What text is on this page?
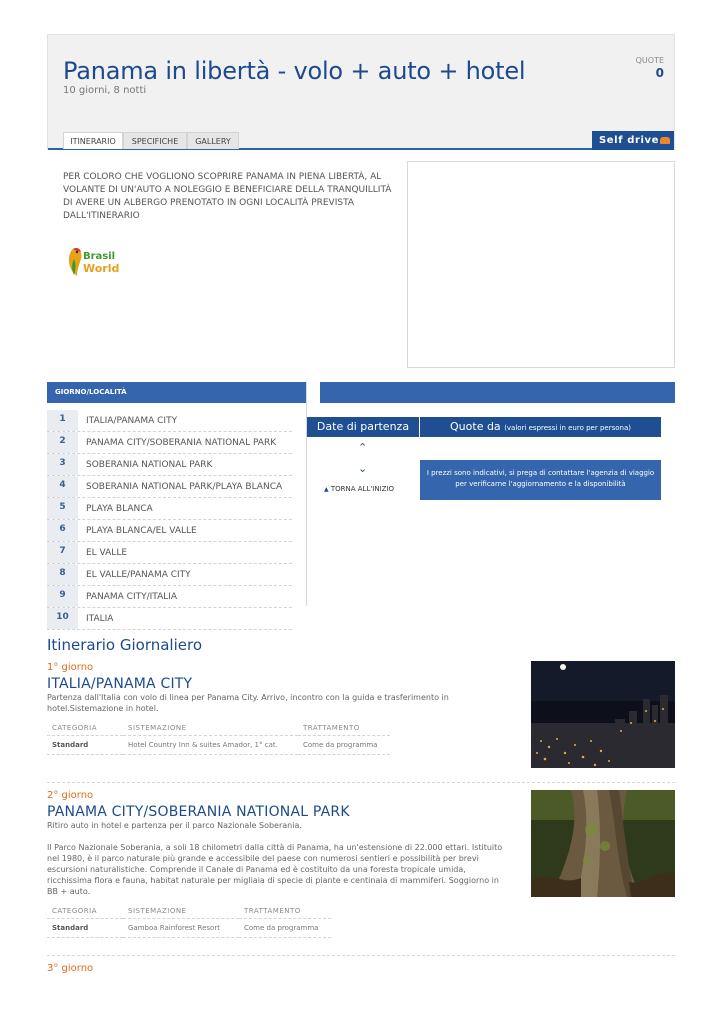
Panama in libertà - volo + auto + hotel
10 giorni, 8 notti
QUOTE
0
ITINERARIO	SPECIFICHE	GALLERY	Self drive
PER COLORO CHE VOGLIONO SCOPRIRE PANAMA IN PIENA LIBERTÀ, AL VOLANTE DI UN'AUTO A NOLEGGIO E BENEFICIARE DELLA TRANQUILLITÀ DI AVERE UN ALBERGO PRENOTATO IN OGNI LOCALITÀ PREVISTA DALL'ITINERARIO
Brasil
World
GIORNO/LOCALITÀ
1	ITALIA/PANAMA CITY
2	PANAMA CITY/SOBERANIA NATIONAL PARK
3	SOBERANIA NATIONAL PARK
4	SOBERANIA NATIONAL PARK/PLAYA BLANCA
5	PLAYA BLANCA
6	PLAYA BLANCA/EL VALLE
7	EL VALLE
8	EL VALLE/PANAMA CITY
9	PANAMA CITY/ITALIA
10	ITALIA
Date di partenza	Quote da (valori espressi in euro per persona)
⌃
⌄
▲ TORNA ALL'INIZIO
I prezzi sono indicativi, si prega di contattare l'agenzia di viaggio per verificarne l'aggiornamento e la disponibilità
Itinerario Giornaliero
1° giorno
ITALIA/PANAMA CITY
Partenza dall'Italia con volo di linea per Panama City. Arrivo, incontro con la guida e trasferimento in hotel.Sistemazione in hotel.
CATEGORIA	SISTEMAZIONE	TRATTAMENTO
Standard	Hotel Country Inn & suites Amador, 1° cat.	Come da programma
2° giorno
PANAMA CITY/SOBERANIA NATIONAL PARK
Ritiro auto in hotel e partenza per il parco Nazionale Soberania.
Il Parco Nazionale Soberania, a soli 18 chilometri dalla città di Panama, ha un'estensione di 22.000 ettari. Istituito nel 1980, è il parco naturale più grande e accessibile del paese con numerosi sentieri e possibilità per brevi escursioni naturalistiche. Comprende il Canale di Panama ed è costituito da una foresta tropicale umida, ricchissima flora e fauna, habitat naturale per migliaia di specie di piante e centinaia di mammiferi. Soggiorno in BB + auto.
CATEGORIA	SISTEMAZIONE	TRATTAMENTO
Standard	Gamboa Rainforest Resort	Come da programma
3° giorno
